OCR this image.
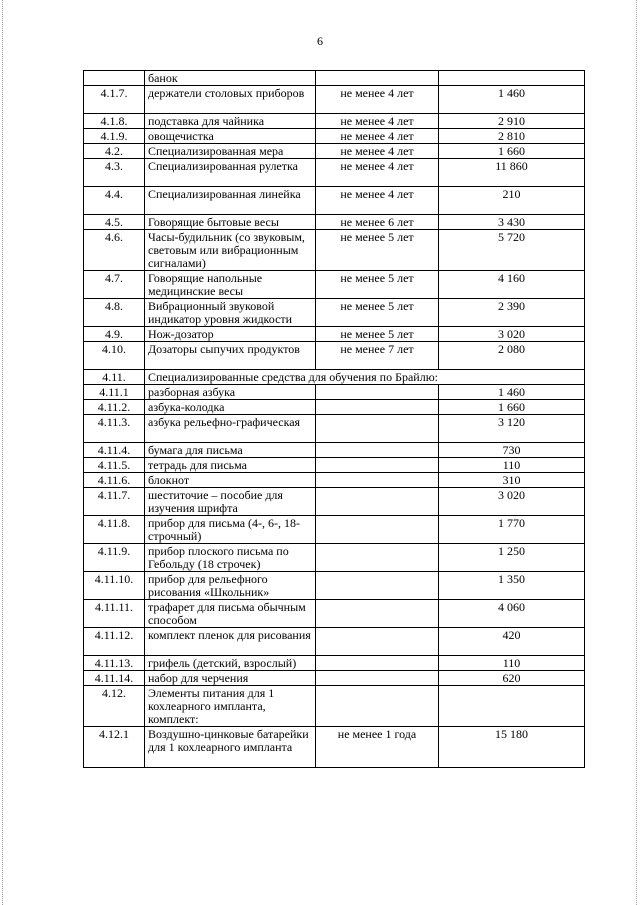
6

	банок		

4.1.7.	держатели столовых приборов	не менее 4 лет	1 460
4.1.8.	подставка для чайника	не менее 4 лет	2 910
4.1.9.	овощечистка	не менее 4 лет	2 810
4.2.	Специализированная мера	не менее 4 лет	1 660
4.3.	Специализированная рулетка	не менее 4 лет	11 860
4.4.	Специализированная линейка	не менее 4 лет	210
4.5.	Говорящие бытовые весы	не менее 6 лет	3 430
4.6.	Часы-будильник (со звуковым, световым или вибрационным сигналами)	не менее 5 лет	5 720
4.7.	Говорящие напольные медицинские весы	не менее 5 лет	4 160
4.8.	Вибрационный звуковой индикатор уровня жидкости	не менее 5 лет	2 390
4.9.	Нож-дозатор	не менее 5 лет	3 020
4.10.	Дозаторы сыпучих продуктов	не менее 7 лет	2 080
4.11.	Специализированные средства для обучения по Брайлю:		
4.11.1	разборная азбука		1 460
4.11.2.	азбука-колодка		1 660
4.11.3.	азбука рельефно-графическая		3 120
4.11.4.	бумага для письма		730
4.11.5.	тетрадь для письма		110
4.11.6.	блокнот		310
4.11.7.	шеститочие – пособие для изучения шрифта		3 020
4.11.8.	прибор для письма (4-, 6-, 18-строчный)		1 770
4.11.9.	прибор плоского письма по Гебольду (18 строчек)		1 250
4.11.10.	прибор для рельефного рисования «Школьник»		1 350
4.11.11.	трафарет для письма обычным способом		4 060
4.11.12.	комплект пленок для рисования		420
4.11.13.	грифель (детский, взрослый)		110
4.11.14.	набор для черчения		620
4.12.	Элементы питания для 1 кохлеарного импланта, комплект:		

4.12.1	Воздушно-цинковые батарейки для 1 кохлеарного импланта	не менее 1 года	15 180
